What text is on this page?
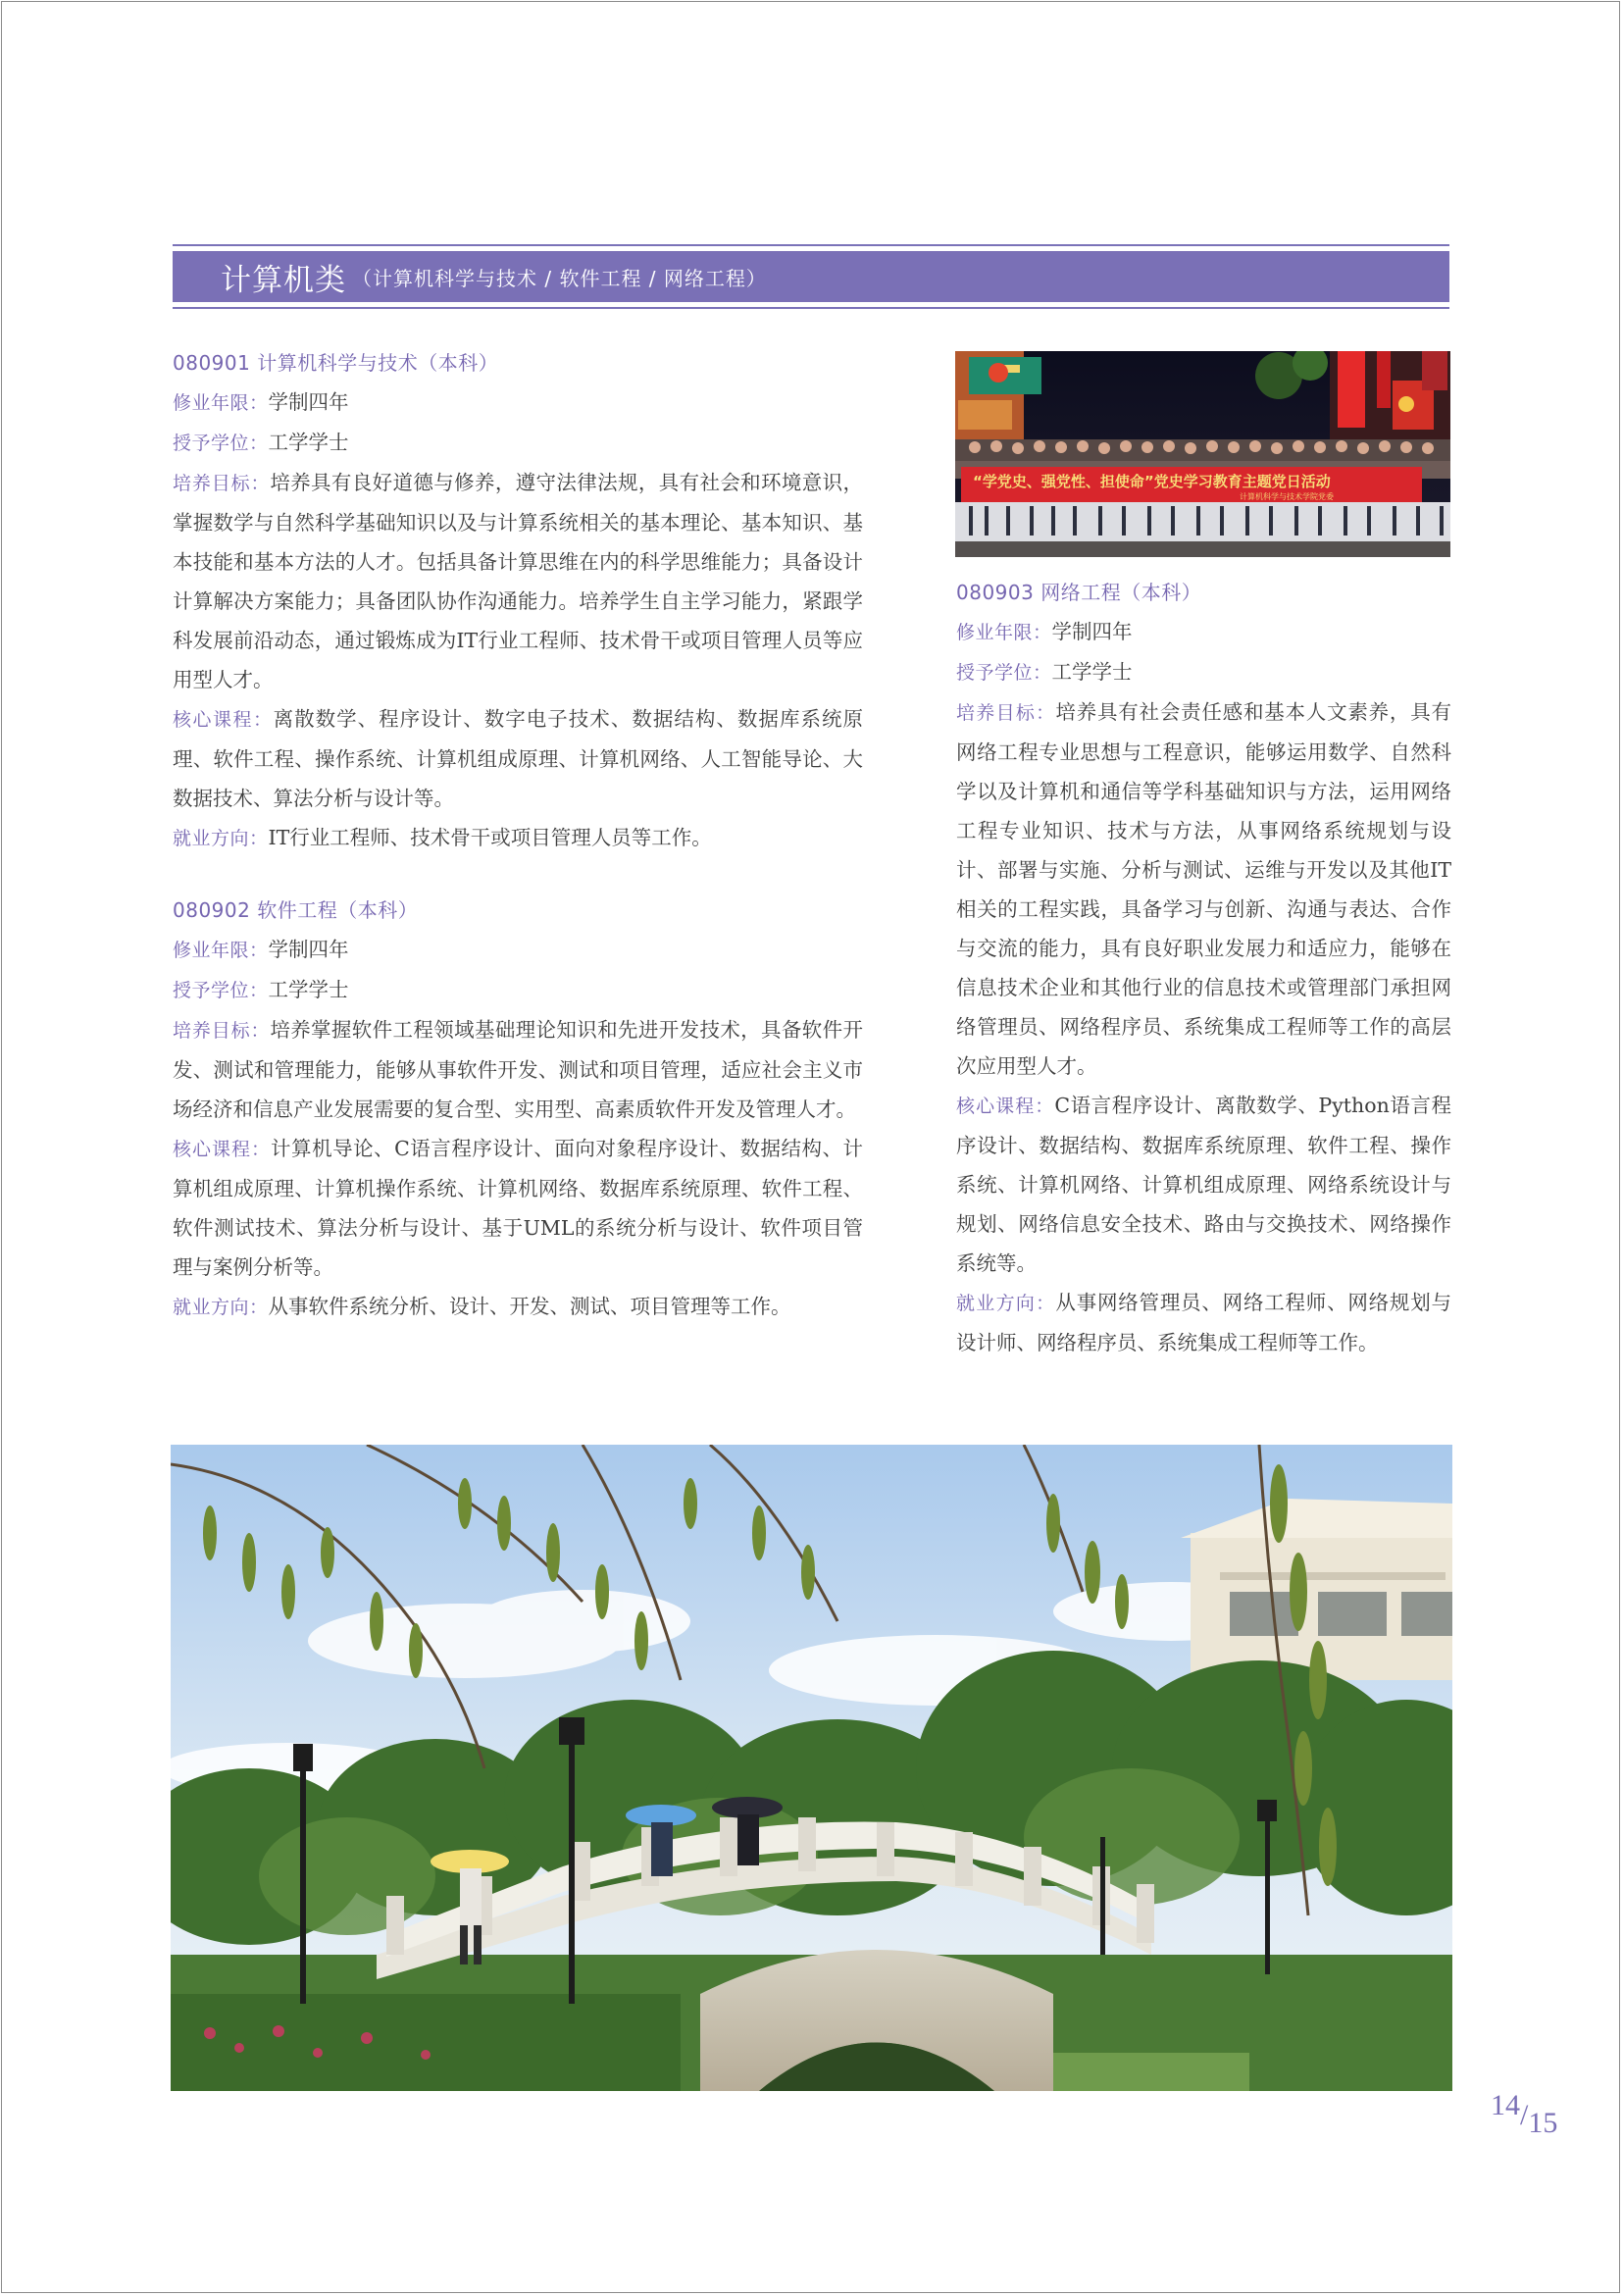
计算机类 （计算机科学与技术 / 软件工程 / 网络工程）
080901 计算机科学与技术（本科）

修业年限：学制四年

授予学位：工学学士

培养目标：培养具有良好道德与修养，遵守法律法规，具有社会和环境意识，掌握数学与自然科学基础知识以及与计算系统相关的基本理论、基本知识、基本技能和基本方法的人才。包括具备计算思维在内的科学思维能力；具备设计计算解决方案能力；具备团队协作沟通能力。培养学生自主学习能力，紧跟学科发展前沿动态，通过锻炼成为IT行业工程师、技术骨干或项目管理人员等应用型人才。

核心课程：离散数学、程序设计、数字电子技术、数据结构、数据库系统原理、软件工程、操作系统、计算机组成原理、计算机网络、人工智能导论、大数据技术、算法分析与设计等。

就业方向：IT行业工程师、技术骨干或项目管理人员等工作。

080902 软件工程（本科）

修业年限：学制四年

授予学位：工学学士

培养目标：培养掌握软件工程领域基础理论知识和先进开发技术，具备软件开发、测试和管理能力，能够从事软件开发、测试和项目管理，适应社会主义市场经济和信息产业发展需要的复合型、实用型、高素质软件开发及管理人才。

核心课程：计算机导论、C语言程序设计、面向对象程序设计、数据结构、计算机组成原理、计算机操作系统、计算机网络、数据库系统原理、软件工程、软件测试技术、算法分析与设计、基于UML的系统分析与设计、软件项目管理与案例分析等。

就业方向：从事软件系统分析、设计、开发、测试、项目管理等工作。

“学党史、强党性、担使命”党史学习教育主题党日活动
计算机科学与技术学院党委
080903 网络工程（本科）

修业年限：学制四年

授予学位：工学学士

培养目标：培养具有社会责任感和基本人文素养，具有网络工程专业思想与工程意识，能够运用数学、自然科学以及计算机和通信等学科基础知识与方法，运用网络工程专业知识、技术与方法，从事网络系统规划与设计、部署与实施、分析与测试、运维与开发以及其他IT相关的工程实践，具备学习与创新、沟通与表达、合作与交流的能力，具有良好职业发展力和适应力，能够在信息技术企业和其他行业的信息技术或管理部门承担网络管理员、网络程序员、系统集成工程师等工作的高层次应用型人才。

核心课程：C语言程序设计、离散数学、Python语言程序设计、数据结构、数据库系统原理、软件工程、操作系统、计算机网络、计算机组成原理、网络系统设计与规划、网络信息安全技术、路由与交换技术、网络操作系统等。

就业方向：从事网络管理员、网络工程师、网络规划与设计师、网络程序员、系统集成工程师等工作。

14/15
